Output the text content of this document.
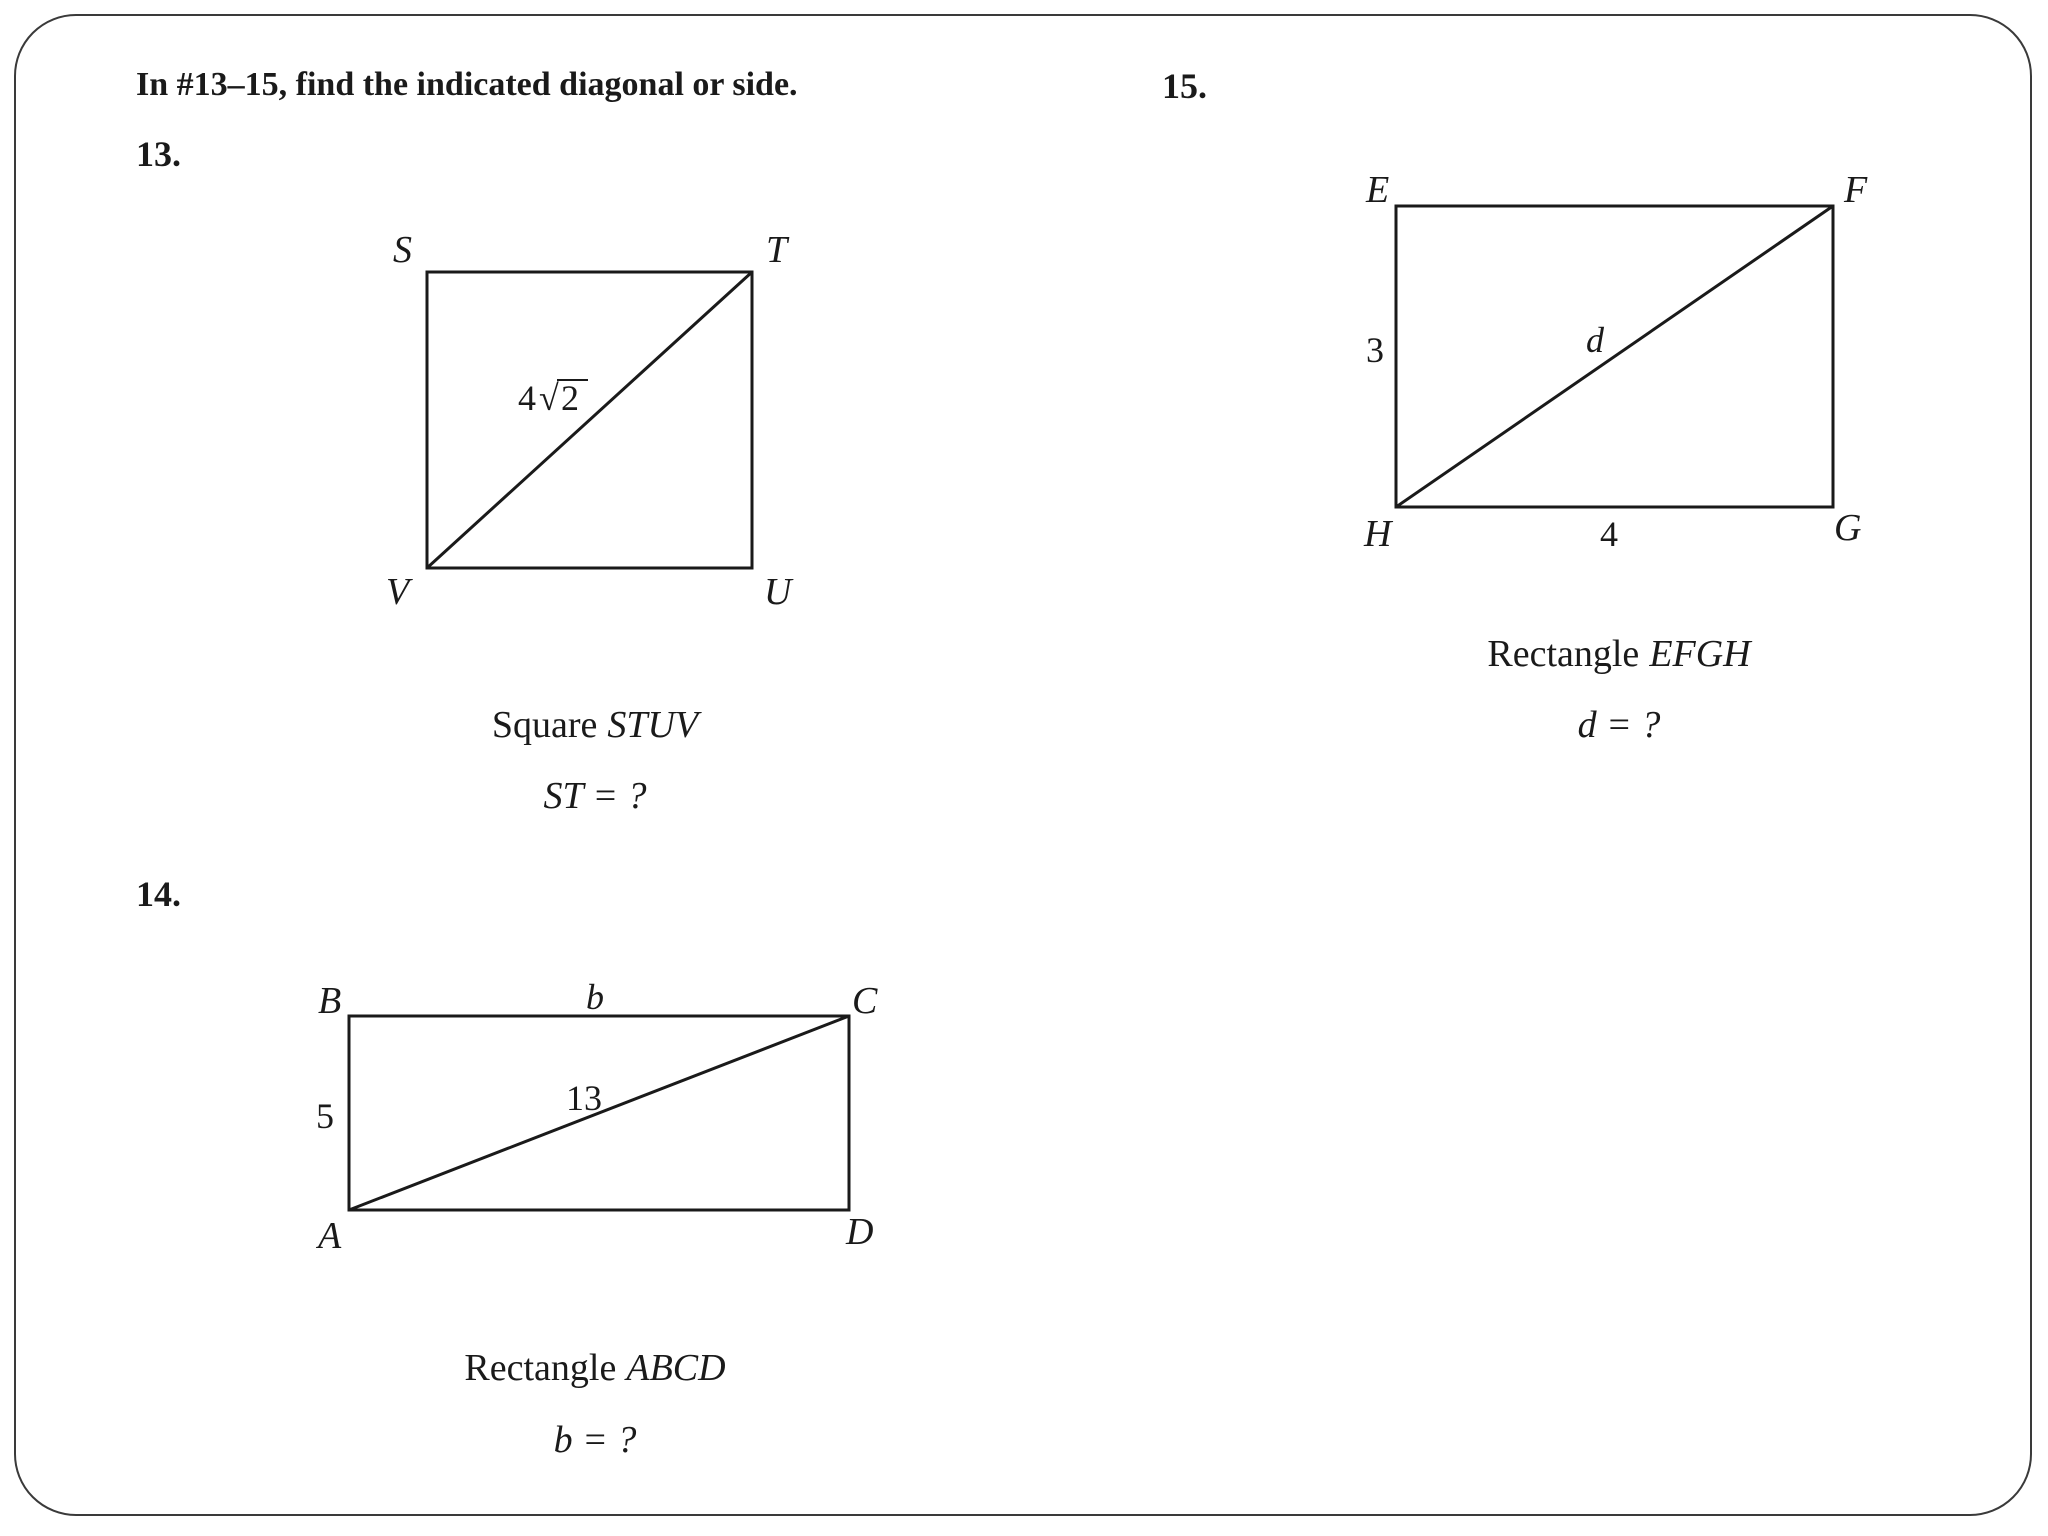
In #13–15, find the indicated diagonal or side.
13.
S	T
V	U
4 √ 2
Square STUV
ST = ?
14.
B	C
A	D
5
b
13
Rectangle ABCD
b = ?
15.
E	F
H	G
3
4
d
Rectangle EFGH
d = ?
